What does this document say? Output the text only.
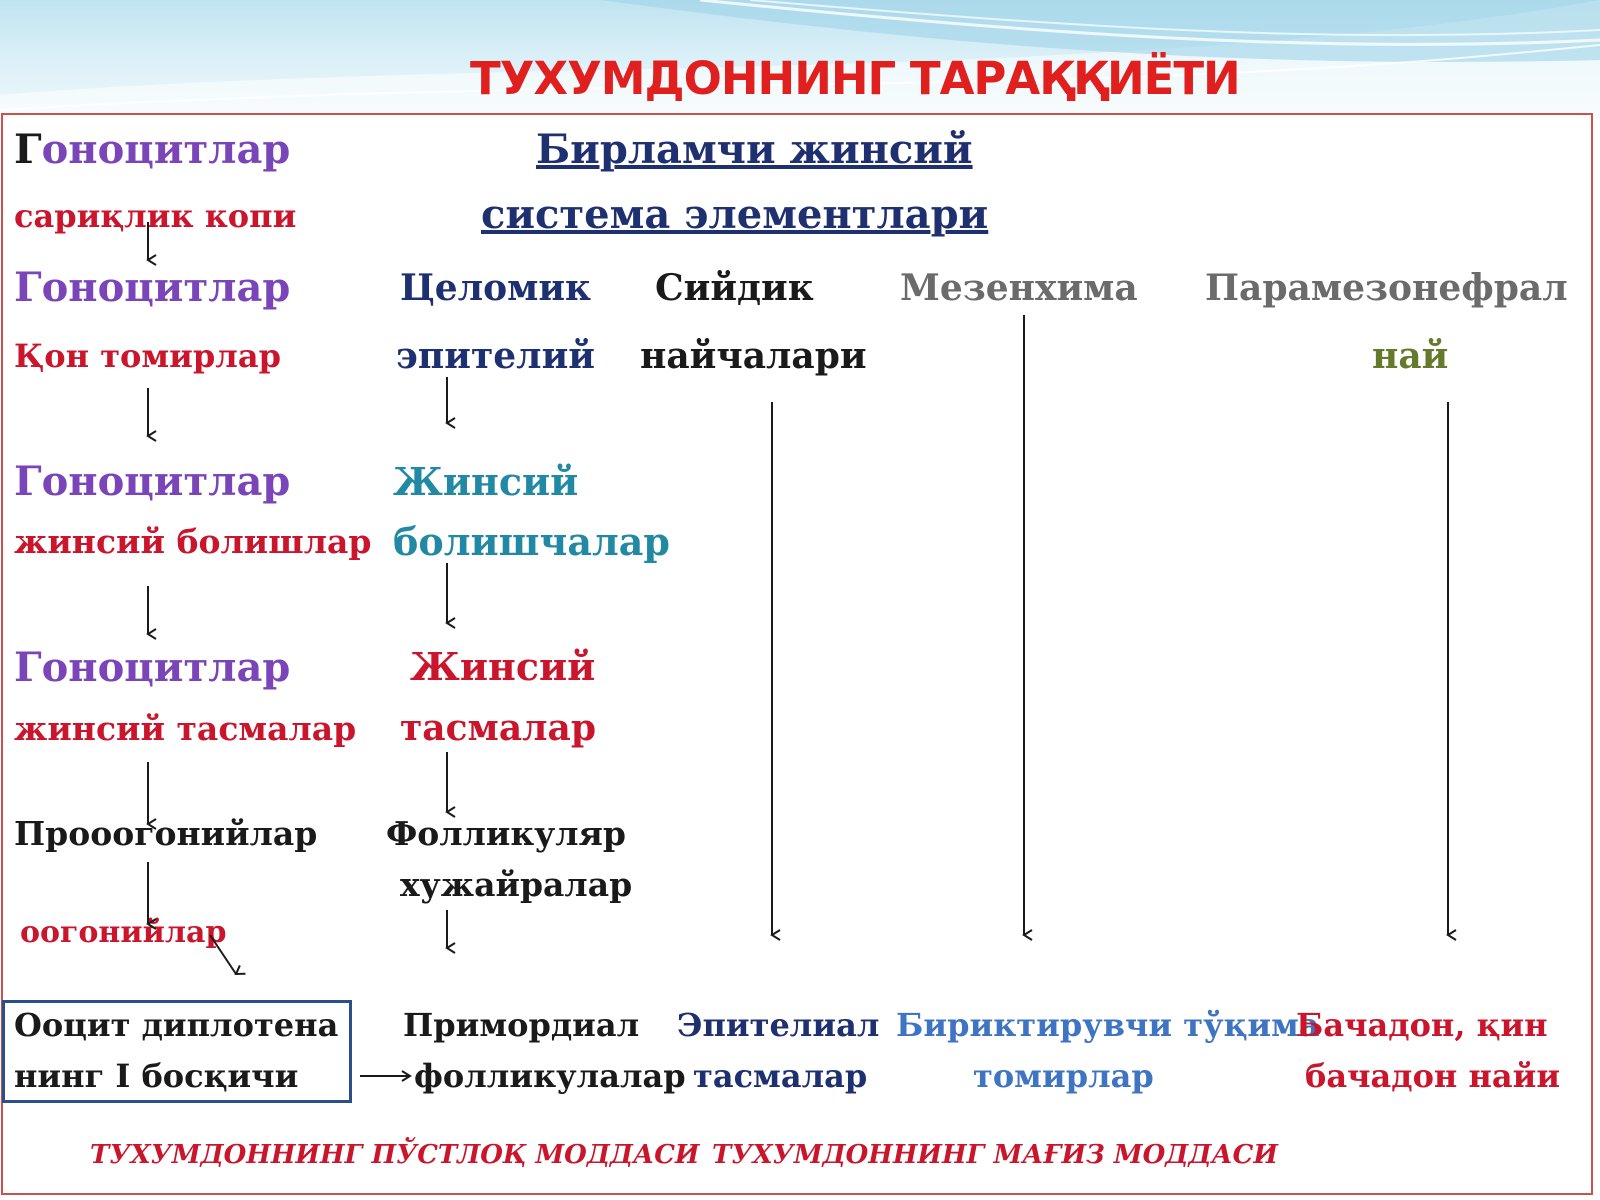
ТУХУМДОННИНГ ТАРАҚҚИЁТИ
Гоноцитлар
сариқлик копи
Гоноцитлар
Қон томирлар
Гоноцитлар
жинсий болишлар
Гоноцитлар
жинсий тасмалар
Прооогонийлар
оогонийлар
Ооцит диплотена
нинг I босқичи
Бирламчи жинсий
система элементлари
Целомик
эпителий
Жинсий
болишчалар
Жинсий
тасмалар
Фолликуляр
хужайралар
Примордиал
фолликулалар
Сийдик
найчалари
Эпителиал
тасмалар
Мезенхима
Бириктирувчи тўқима
томирлар
Парамезонефрал
най
Бачадон, қин
бачадон найи
ТУХУМДОННИНГ ПЎСТЛОҚ МОДДАСИ ТУХУМДОННИНГ МАҒИЗ МОДДАСИ
